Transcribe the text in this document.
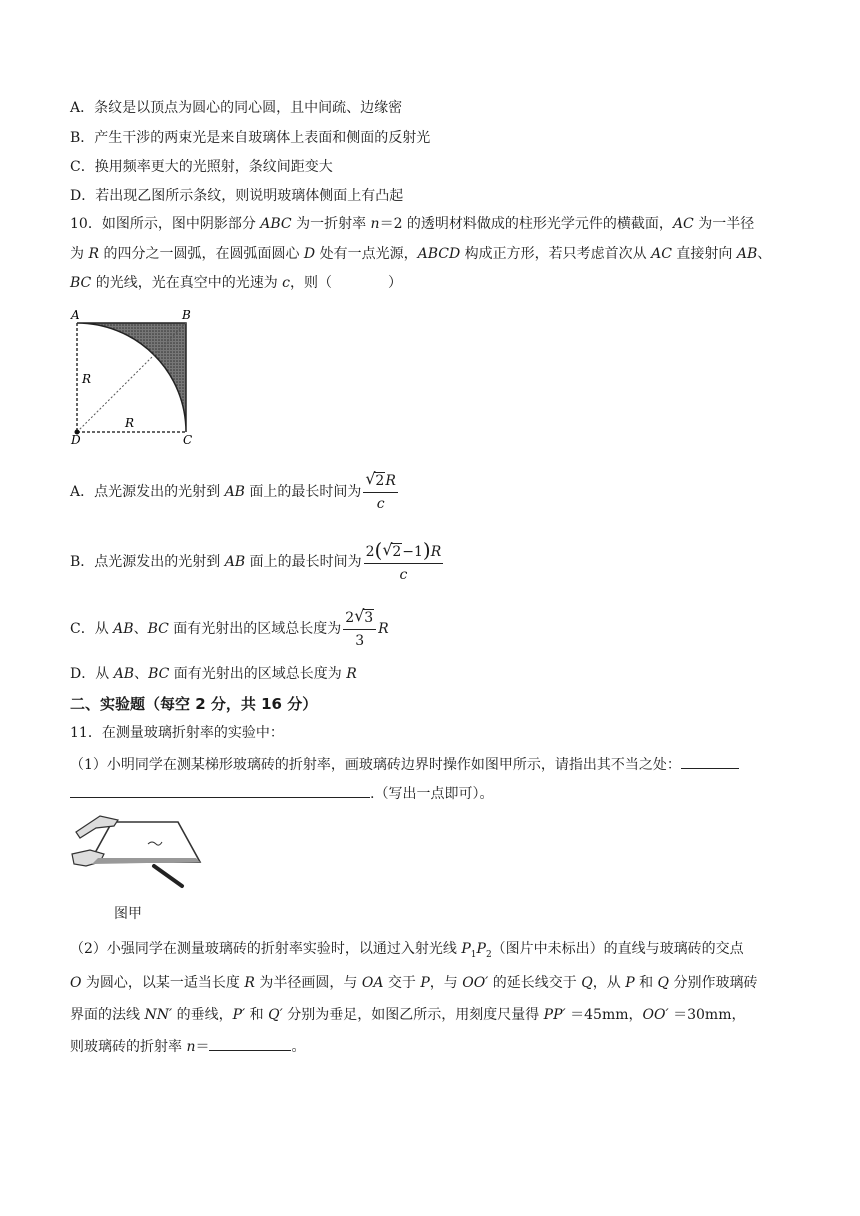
A．条纹是以顶点为圆心的同心圆，且中间疏、边缘密
B．产生干涉的两束光是来自玻璃体上表面和侧面的反射光
C．换用频率更大的光照射，条纹间距变大
D．若出现乙图所示条纹，则说明玻璃体侧面上有凸起
10．如图所示，图中阴影部分 ABC 为一折射率 n＝2 的透明材料做成的柱形光学元件的横截面，AC 为一半径
为 R 的四分之一圆弧，在圆弧面圆心 D 处有一点光源，ABCD 构成正方形，若只考虑首次从 AC 直接射向 AB、
BC 的光线，光在真空中的光速为 c，则（　　　　）
A	B
C
D
R
R
A．点光源发出的光射到 AB 面上的最长时间为 $\frac{√ 2R}{c}$
B．点光源发出的光射到 AB 面上的最长时间为 $\frac{2( √ 2-1)R}{c}$
C．从 AB、BC 面有光射出的区域总长度为 $\frac{2 √ 3}{3}$ R
D．从 AB、BC 面有光射出的区域总长度为 R
二、实验题（每空 2 分，共 16 分）
11．在测量玻璃折射率的实验中：
（1）小明同学在测某梯形玻璃砖的折射率，画玻璃砖边界时操作如图甲所示，请指出其不当之处：
.（写出一点即可）。
图甲
（2）小强同学在测量玻璃砖的折射率实验时，以通过入射光线 $P_1P_2$（图片中未标出）的直线与玻璃砖的交点
O 为圆心，以某一适当长度 R 为半径画圆，与 OA 交于 P，与 OO′ 的延长线交于 Q，从 P 和 Q 分别作玻璃砖
界面的法线 NN′ 的垂线，P′ 和 Q′ 分别为垂足，如图乙所示，用刻度尺量得 PP′ ＝45mm，OO′ ＝30mm，
则玻璃砖的折射率 n＝	。
